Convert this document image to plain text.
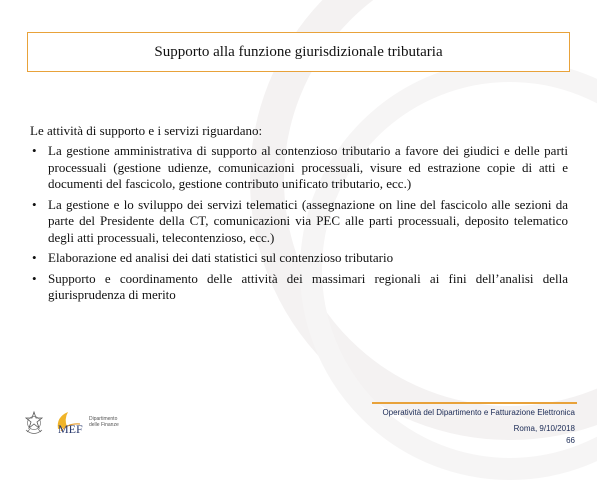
Supporto alla funzione giurisdizionale tributaria

Le attività di supporto e i servizi riguardano:

• La gestione amministrativa di supporto al contenzioso tributario a favore dei giudici e delle parti processuali (gestione udienze, comunicazioni processuali, visure ed estrazione copie di atti e documenti del fascicolo, gestione contributo unificato tributario, ecc.)
• La gestione e lo sviluppo dei servizi telematici (assegnazione on line del fascicolo alle sezioni da parte del Presidente della CT, comunicazioni via PEC alle parti processuali, deposito telematico degli atti processuali, telecontenzioso, ecc.)
• Elaborazione ed analisi dei dati statistici sul contenzioso tributario
• Supporto e coordinamento delle attività dei massimari regionali ai fini dell’analisi della giurisprudenza di merito
MEF
Dipartimento
delle Finanze
Operatività del Dipartimento e Fatturazione Elettronica
Roma, 9/10/2018
66
